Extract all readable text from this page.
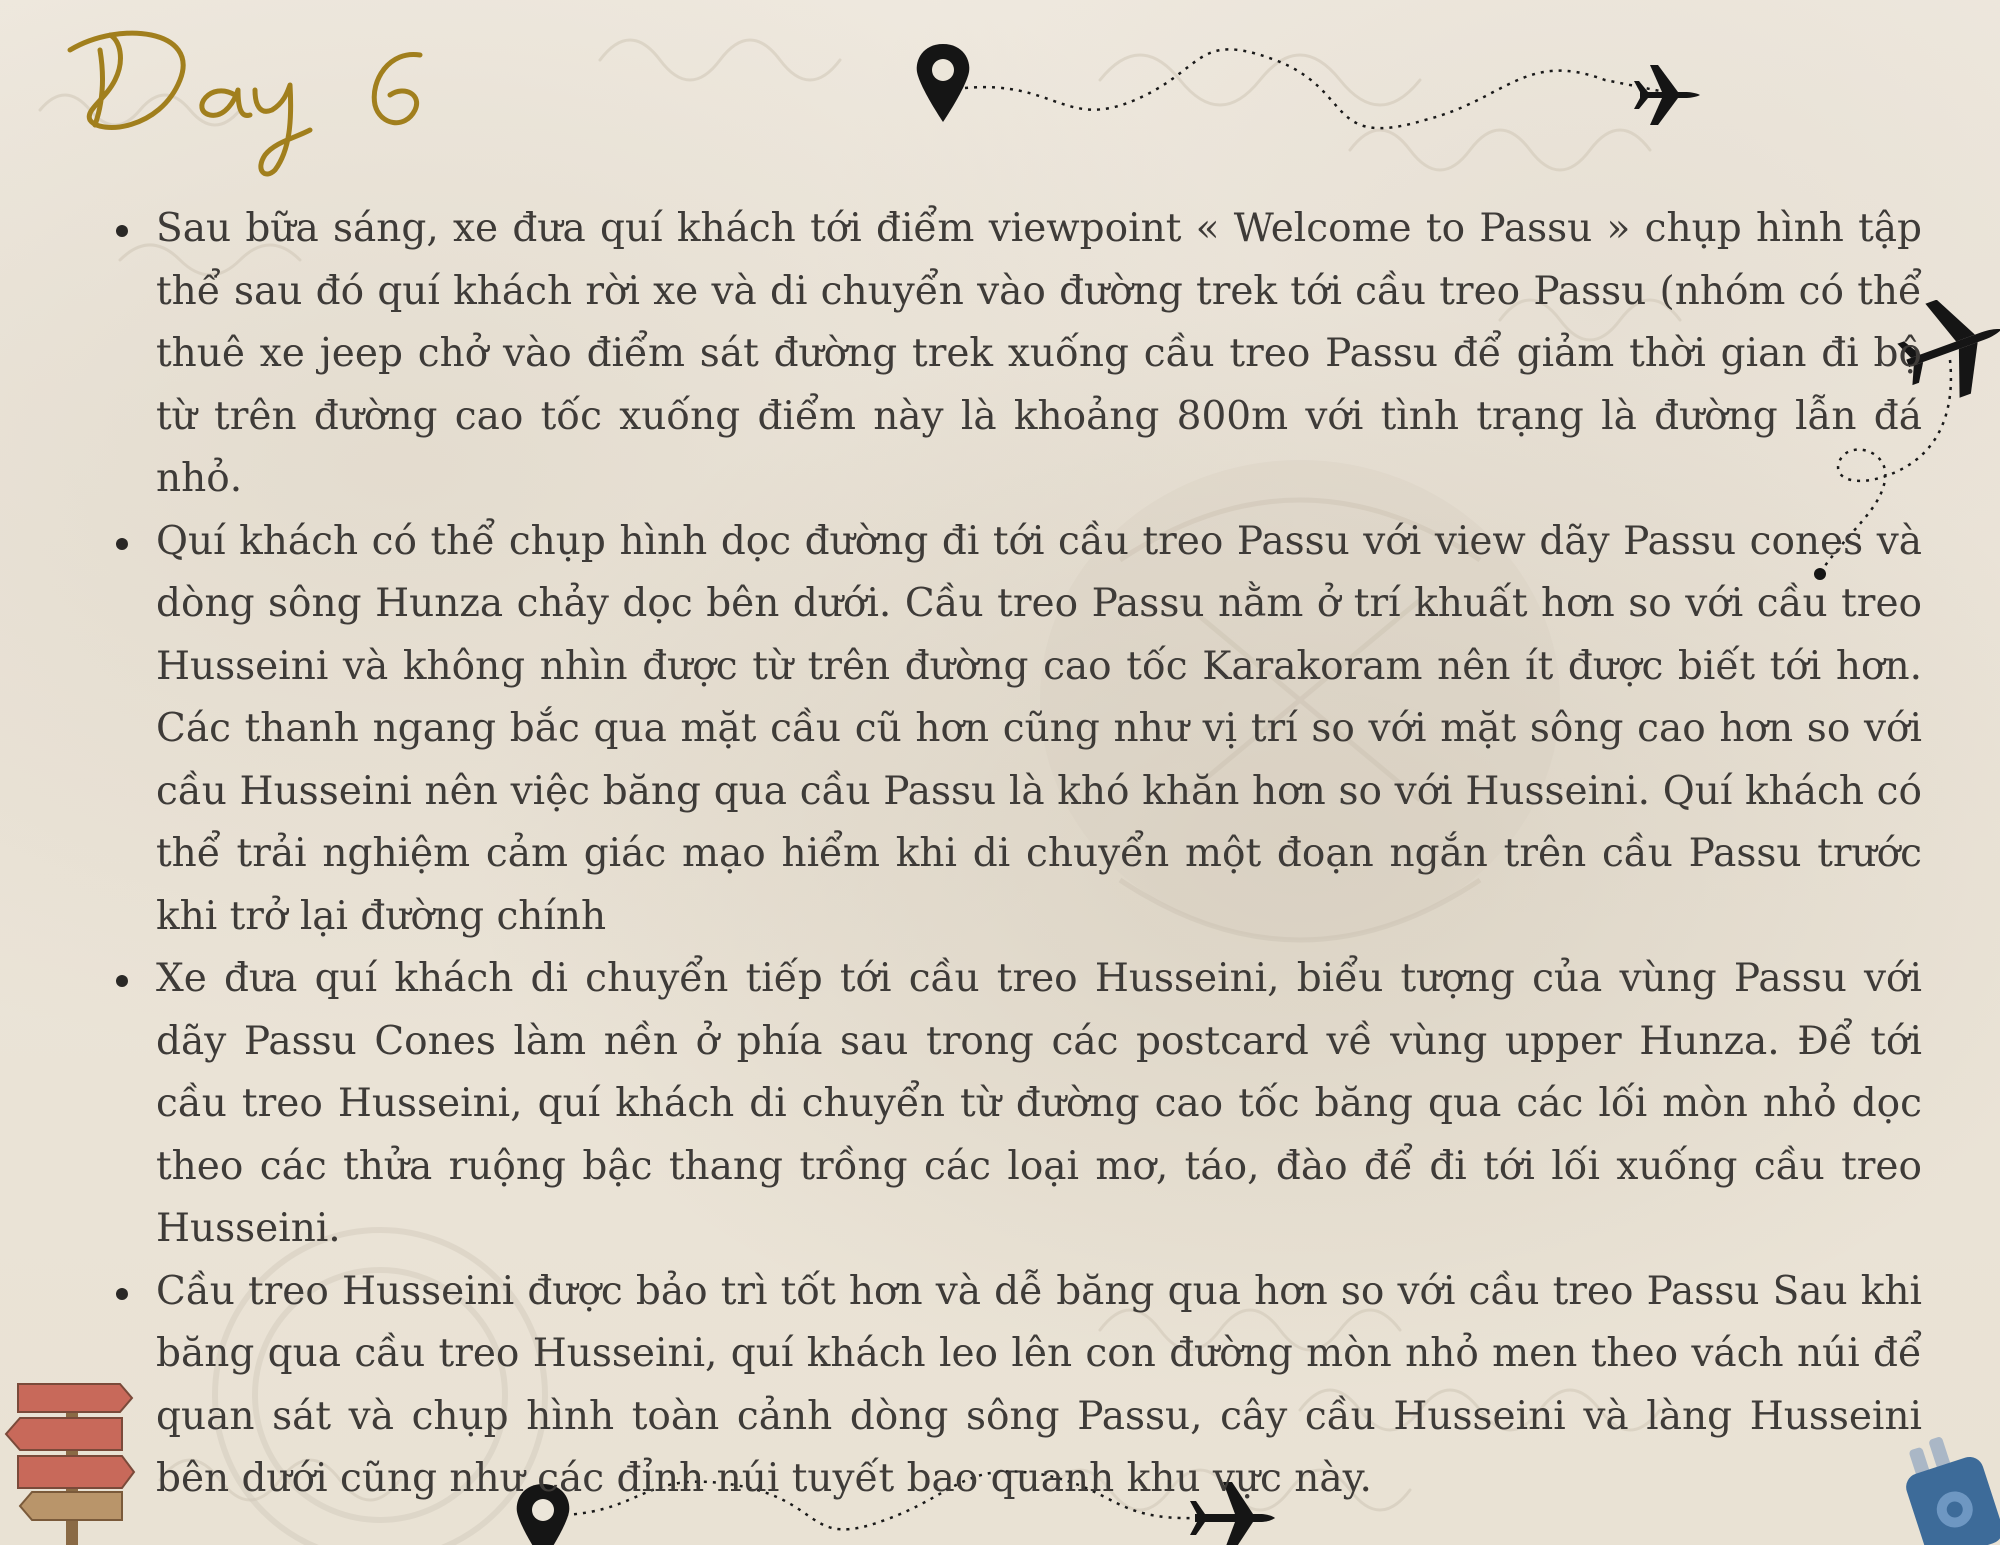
Day 6
Sau bữa sáng, xe đưa quí khách tới điểm viewpoint « Welcome to Passu » chụp hình tập thể sau đó quí khách rời xe và di chuyển vào đường trek tới cầu treo Passu (nhóm có thể thuê xe jeep chở vào điểm sát đường trek xuống cầu treo Passu để giảm thời gian đi bộ từ trên đường cao tốc xuống điểm này là khoảng 800m với tình trạng là đường lẫn đá nhỏ.
Quí khách có thể chụp hình dọc đường đi tới cầu treo Passu với view dãy Passu cones và dòng sông Hunza chảy dọc bên dưới. Cầu treo Passu nằm ở trí khuất hơn so với cầu treo Husseini và không nhìn được từ trên đường cao tốc Karakoram nên ít được biết tới hơn. Các thanh ngang bắc qua mặt cầu cũ hơn cũng như vị trí so với mặt sông cao hơn so với cầu Husseini nên việc băng qua cầu Passu là khó khăn hơn so với Husseini. Quí khách có thể trải nghiệm cảm giác mạo hiểm khi di chuyển một đoạn ngắn trên cầu Passu trước khi trở lại đường chính
Xe đưa quí khách di chuyển tiếp tới cầu treo Husseini, biểu tượng của vùng Passu với dãy Passu Cones làm nền ở phía sau trong các postcard về vùng upper Hunza. Để tới cầu treo Husseini, quí khách di chuyển từ đường cao tốc băng qua các lối mòn nhỏ dọc theo các thửa ruộng bậc thang trồng các loại mơ, táo, đào để đi tới lối xuống cầu treo Husseini.
Cầu treo Husseini được bảo trì tốt hơn và dễ băng qua hơn so với cầu treo Passu Sau khi băng qua cầu treo Husseini, quí khách leo lên con đường mòn nhỏ men theo vách núi để quan sát và chụp hình toàn cảnh dòng sông Passu, cây cầu Husseini và làng Husseini bên dưới cũng như các đỉnh núi tuyết bao quanh khu vực này.
